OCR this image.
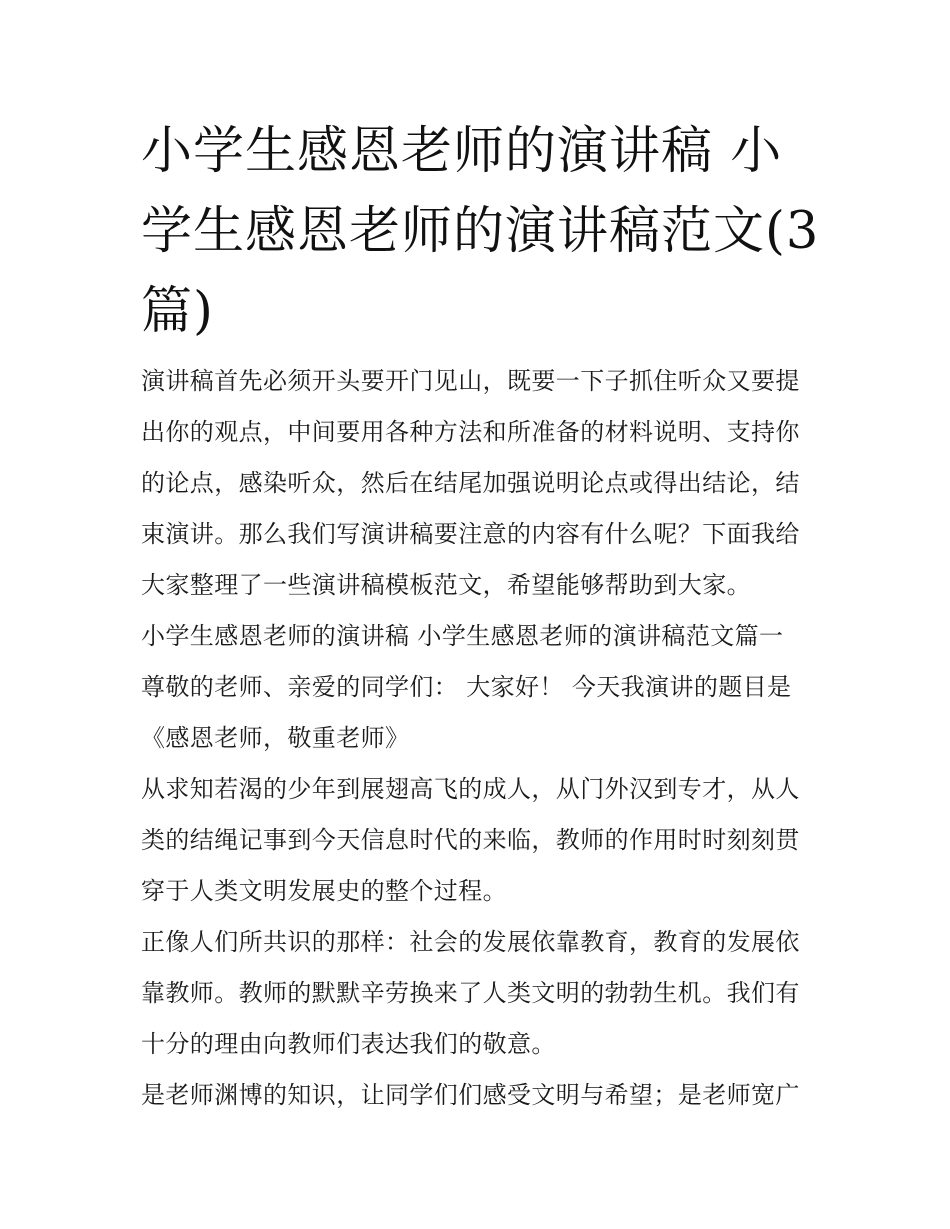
小学生感恩老师的演讲稿 小学生感恩老师的演讲稿范文(3篇)

演讲稿首先必须开头要开门见山，既要一下子抓住听众又要提出你的观点，中间要用各种方法和所准备的材料说明、支持你的论点，感染听众，然后在结尾加强说明论点或得出结论，结束演讲。那么我们写演讲稿要注意的内容有什么呢？下面我给大家整理了一些演讲稿模板范文，希望能够帮助到大家。

小学生感恩老师的演讲稿 小学生感恩老师的演讲稿范文篇一

尊敬的老师、亲爱的同学们： 大家好！ 今天我演讲的题目是《感恩老师，敬重老师》

从求知若渴的少年到展翅高飞的成人，从门外汉到专才，从人类的结绳记事到今天信息时代的来临，教师的作用时时刻刻贯穿于人类文明发展史的整个过程。

正像人们所共识的那样：社会的发展依靠教育，教育的发展依靠教师。教师的默默辛劳换来了人类文明的勃勃生机。我们有十分的理由向教师们表达我们的敬意。

是老师渊博的知识，让同学们们感受文明与希望；是老师宽广
